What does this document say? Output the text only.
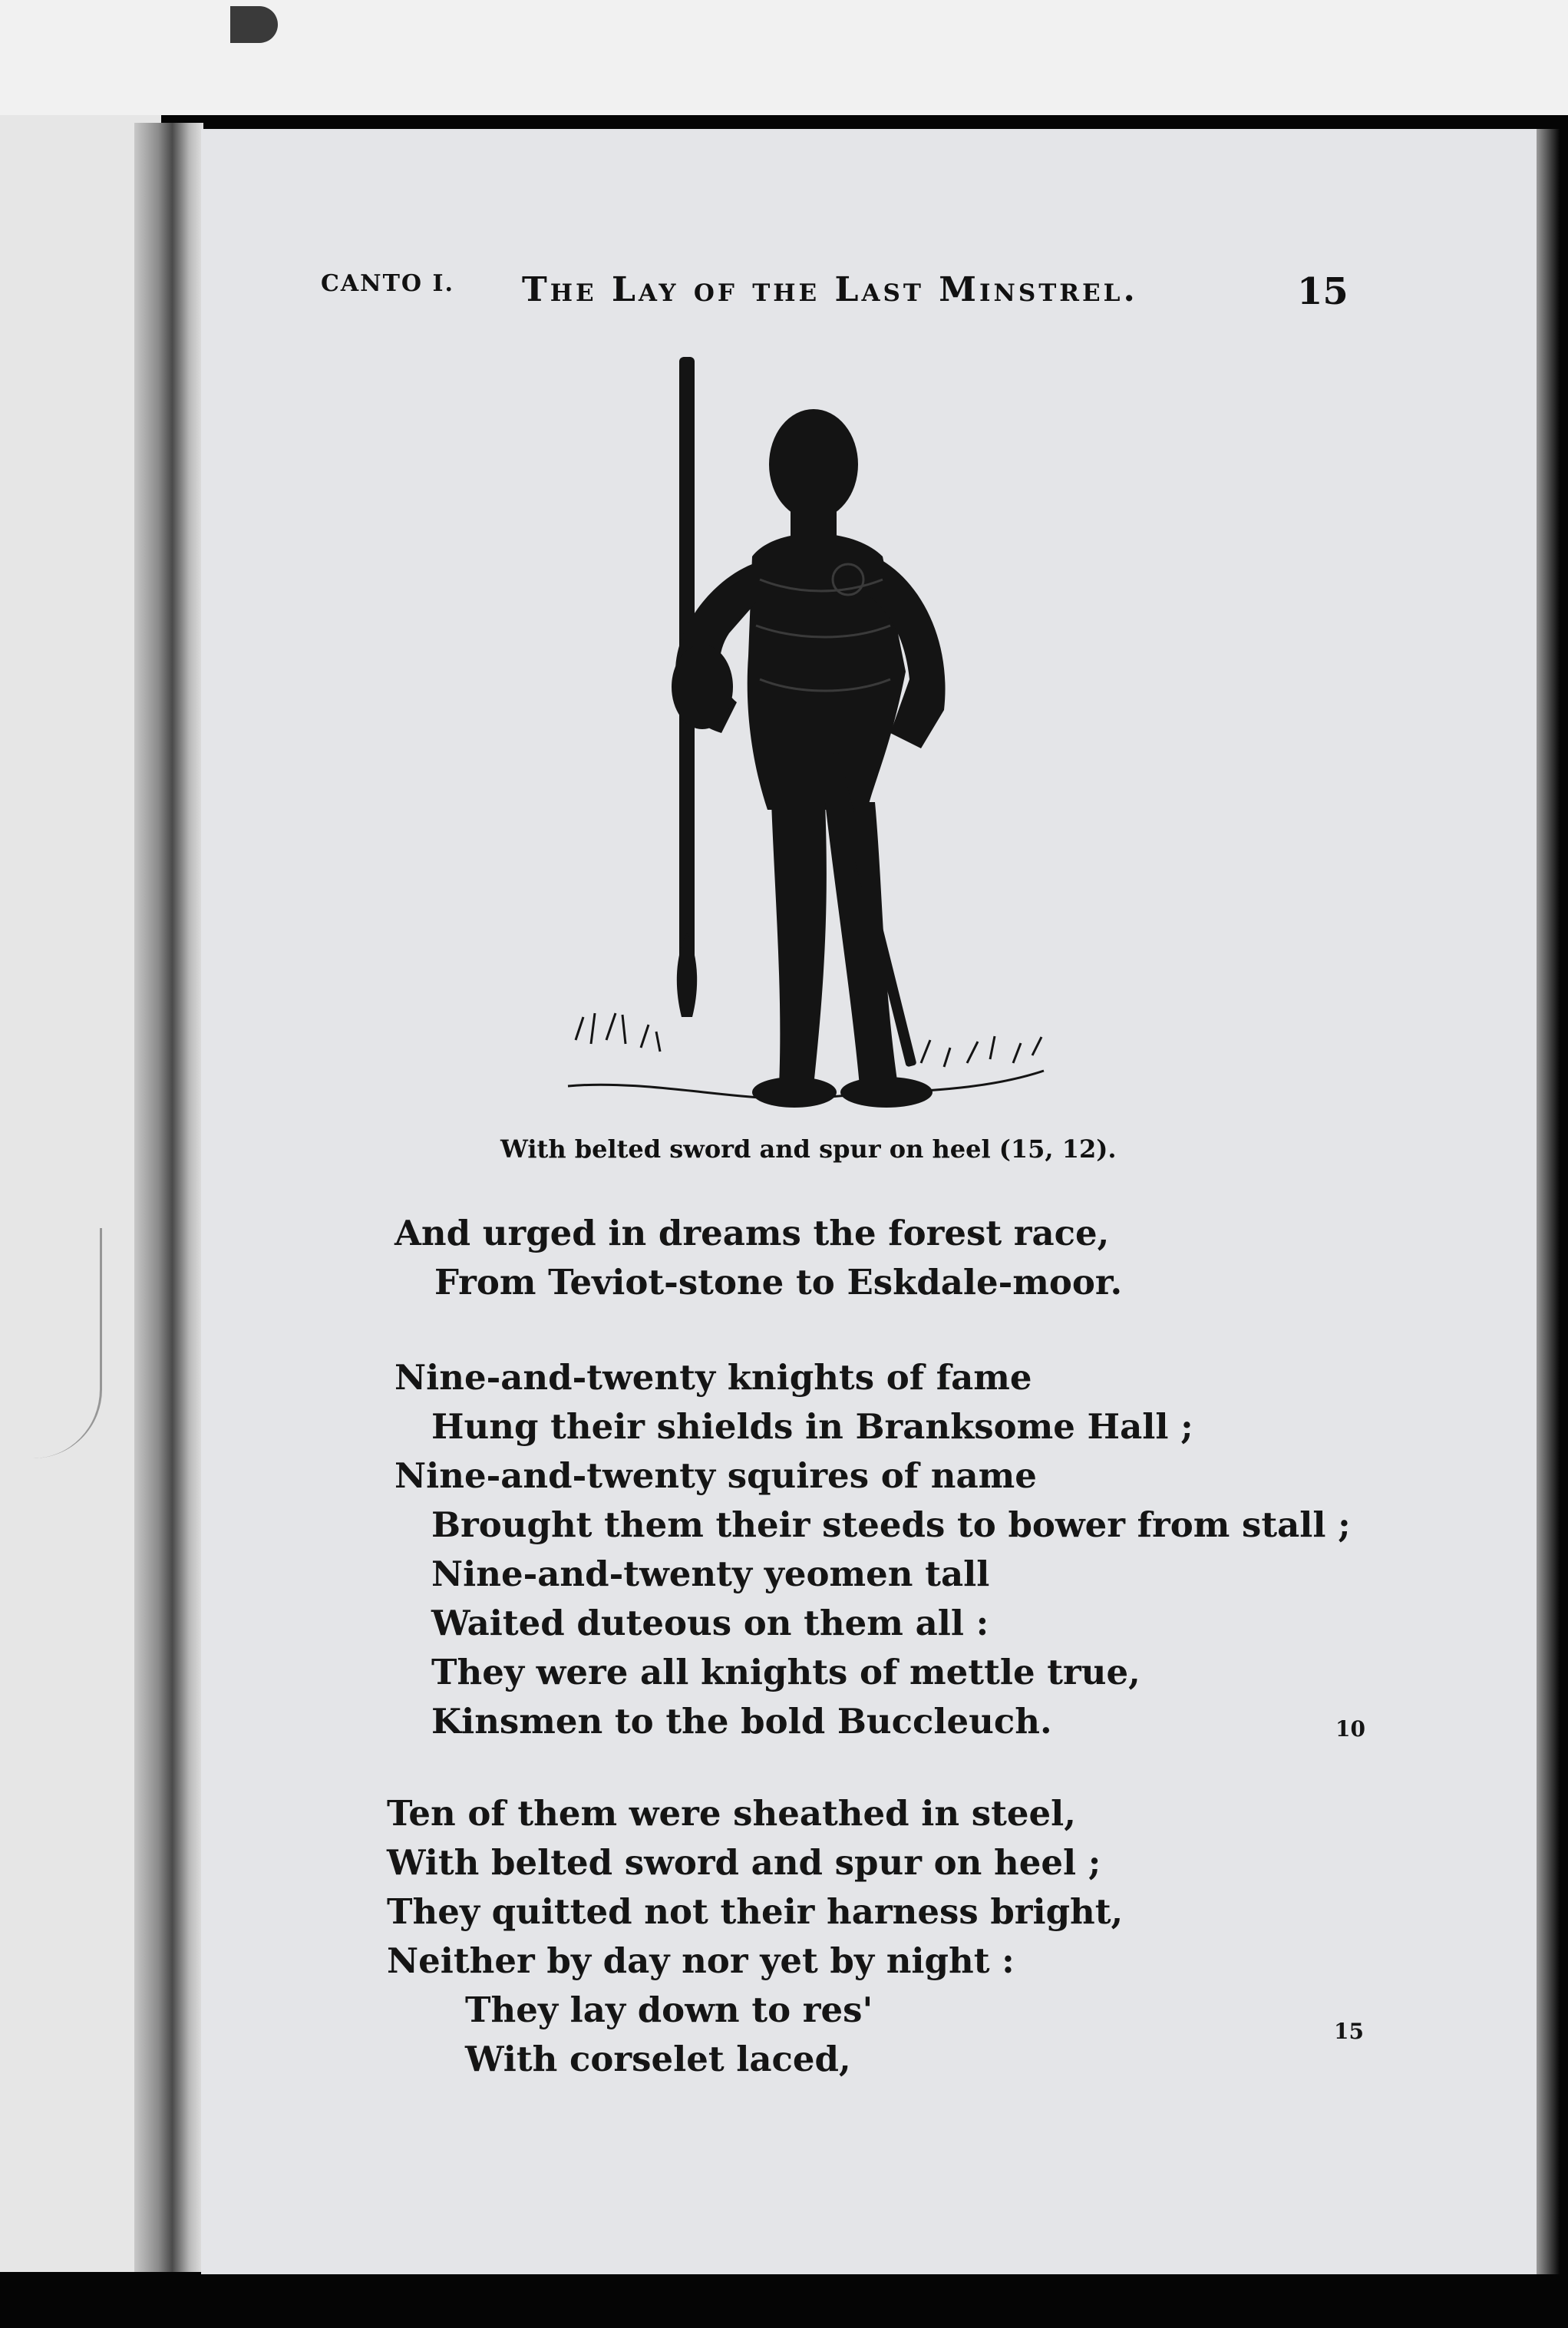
CANTO I. The Lay of the Last Minstrel.	15
With belted sword and spur on heel (15, 12).
And urged in dreams the forest race,
From Teviot-stone to Eskdale-moor.
Nine-and-twenty knights of fame
Hung their shields in Branksome Hall ;
Nine-and-twenty squires of name
Brought them their steeds to bower from stall ;
Nine-and-twenty yeomen tall
Waited duteous on them all :
They were all knights of mettle true,
Kinsmen to the bold Buccleuch.	10
Ten of them were sheathed in steel,
With belted sword and spur on heel ;
They quitted not their harness bright,
Neither by day nor yet by night :
They lay down to res'
With corselet laced,
15
